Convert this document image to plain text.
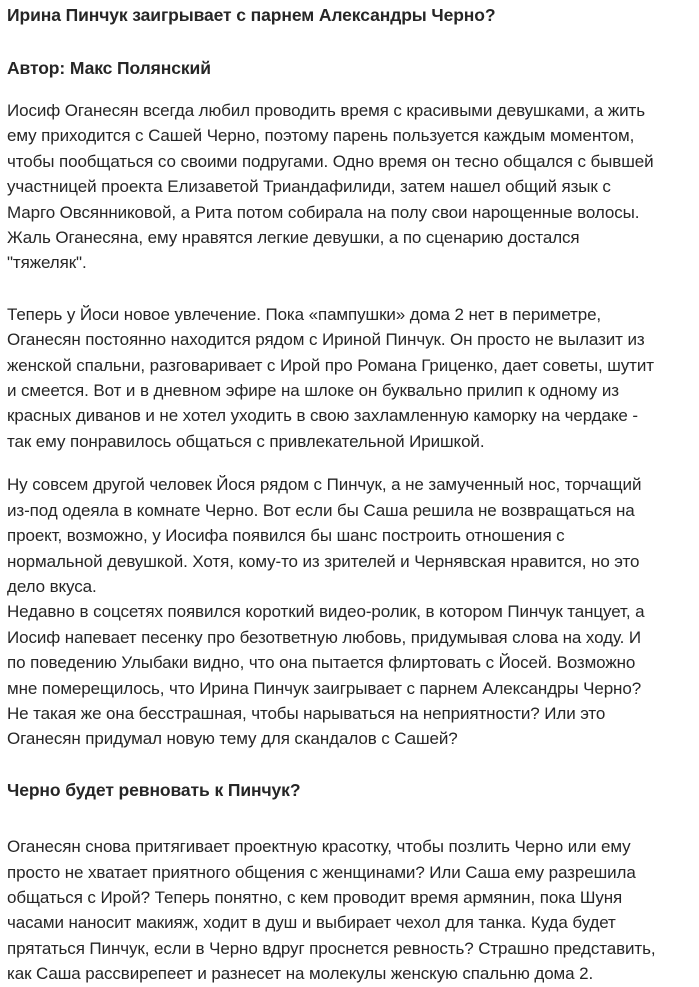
Ирина Пинчук заигрывает с парнем Александры Черно?
Автор: Макс Полянский
Иосиф Оганесян всегда любил проводить время с красивыми девушками, а жить
ему приходится с Сашей Черно, поэтому парень пользуется каждым моментом,
чтобы пообщаться со своими подругами. Одно время он тесно общался с бывшей
участницей проекта Елизаветой Триандафилиди, затем нашел общий язык с
Марго Овсянниковой, а Рита потом собирала на полу свои нарощенные волосы.
Жаль Оганесяна, ему нравятся легкие девушки, а по сценарию достался
"тяжеляк".
Теперь у Йоси новое увлечение. Пока «пампушки» дома 2 нет в периметре,
Оганесян постоянно находится рядом с Ириной Пинчук. Он просто не вылазит из
женской спальни, разговаривает с Ирой про Романа Гриценко, дает советы, шутит
и смеется. Вот и в дневном эфире на шлоке он буквально прилип к одному из
красных диванов и не хотел уходить в свою захламленную каморку на чердаке -
так ему понравилось общаться с привлекательной Иришкой.
Ну совсем другой человек Йося рядом с Пинчук, а не замученный нос, торчащий
из-под одеяла в комнате Черно. Вот если бы Саша решила не возвращаться на
проект, возможно, у Иосифа появился бы шанс построить отношения с
нормальной девушкой. Хотя, кому-то из зрителей и Чернявская нравится, но это
дело вкуса.
Недавно в соцсетях появился короткий видео-ролик, в котором Пинчук танцует, а
Иосиф напевает песенку про безответную любовь, придумывая слова на ходу. И
по поведению Улыбаки видно, что она пытается флиртовать с Йосей. Возможно
мне померещилось, что Ирина Пинчук заигрывает с парнем Александры Черно?
Не такая же она бесстрашная, чтобы нарываться на неприятности? Или это
Оганесян придумал новую тему для скандалов с Сашей?
Черно будет ревновать к Пинчук?
Оганесян снова притягивает проектную красотку, чтобы позлить Черно или ему
просто не хватает приятного общения с женщинами? Или Саша ему разрешила
общаться с Ирой? Теперь понятно, с кем проводит время армянин, пока Шуня
часами наносит макияж, ходит в душ и выбирает чехол для танка. Куда будет
прятаться Пинчук, если в Черно вдруг проснется ревность? Страшно представить,
как Саша рассвирепеет и разнесет на молекулы женскую спальню дома 2.
